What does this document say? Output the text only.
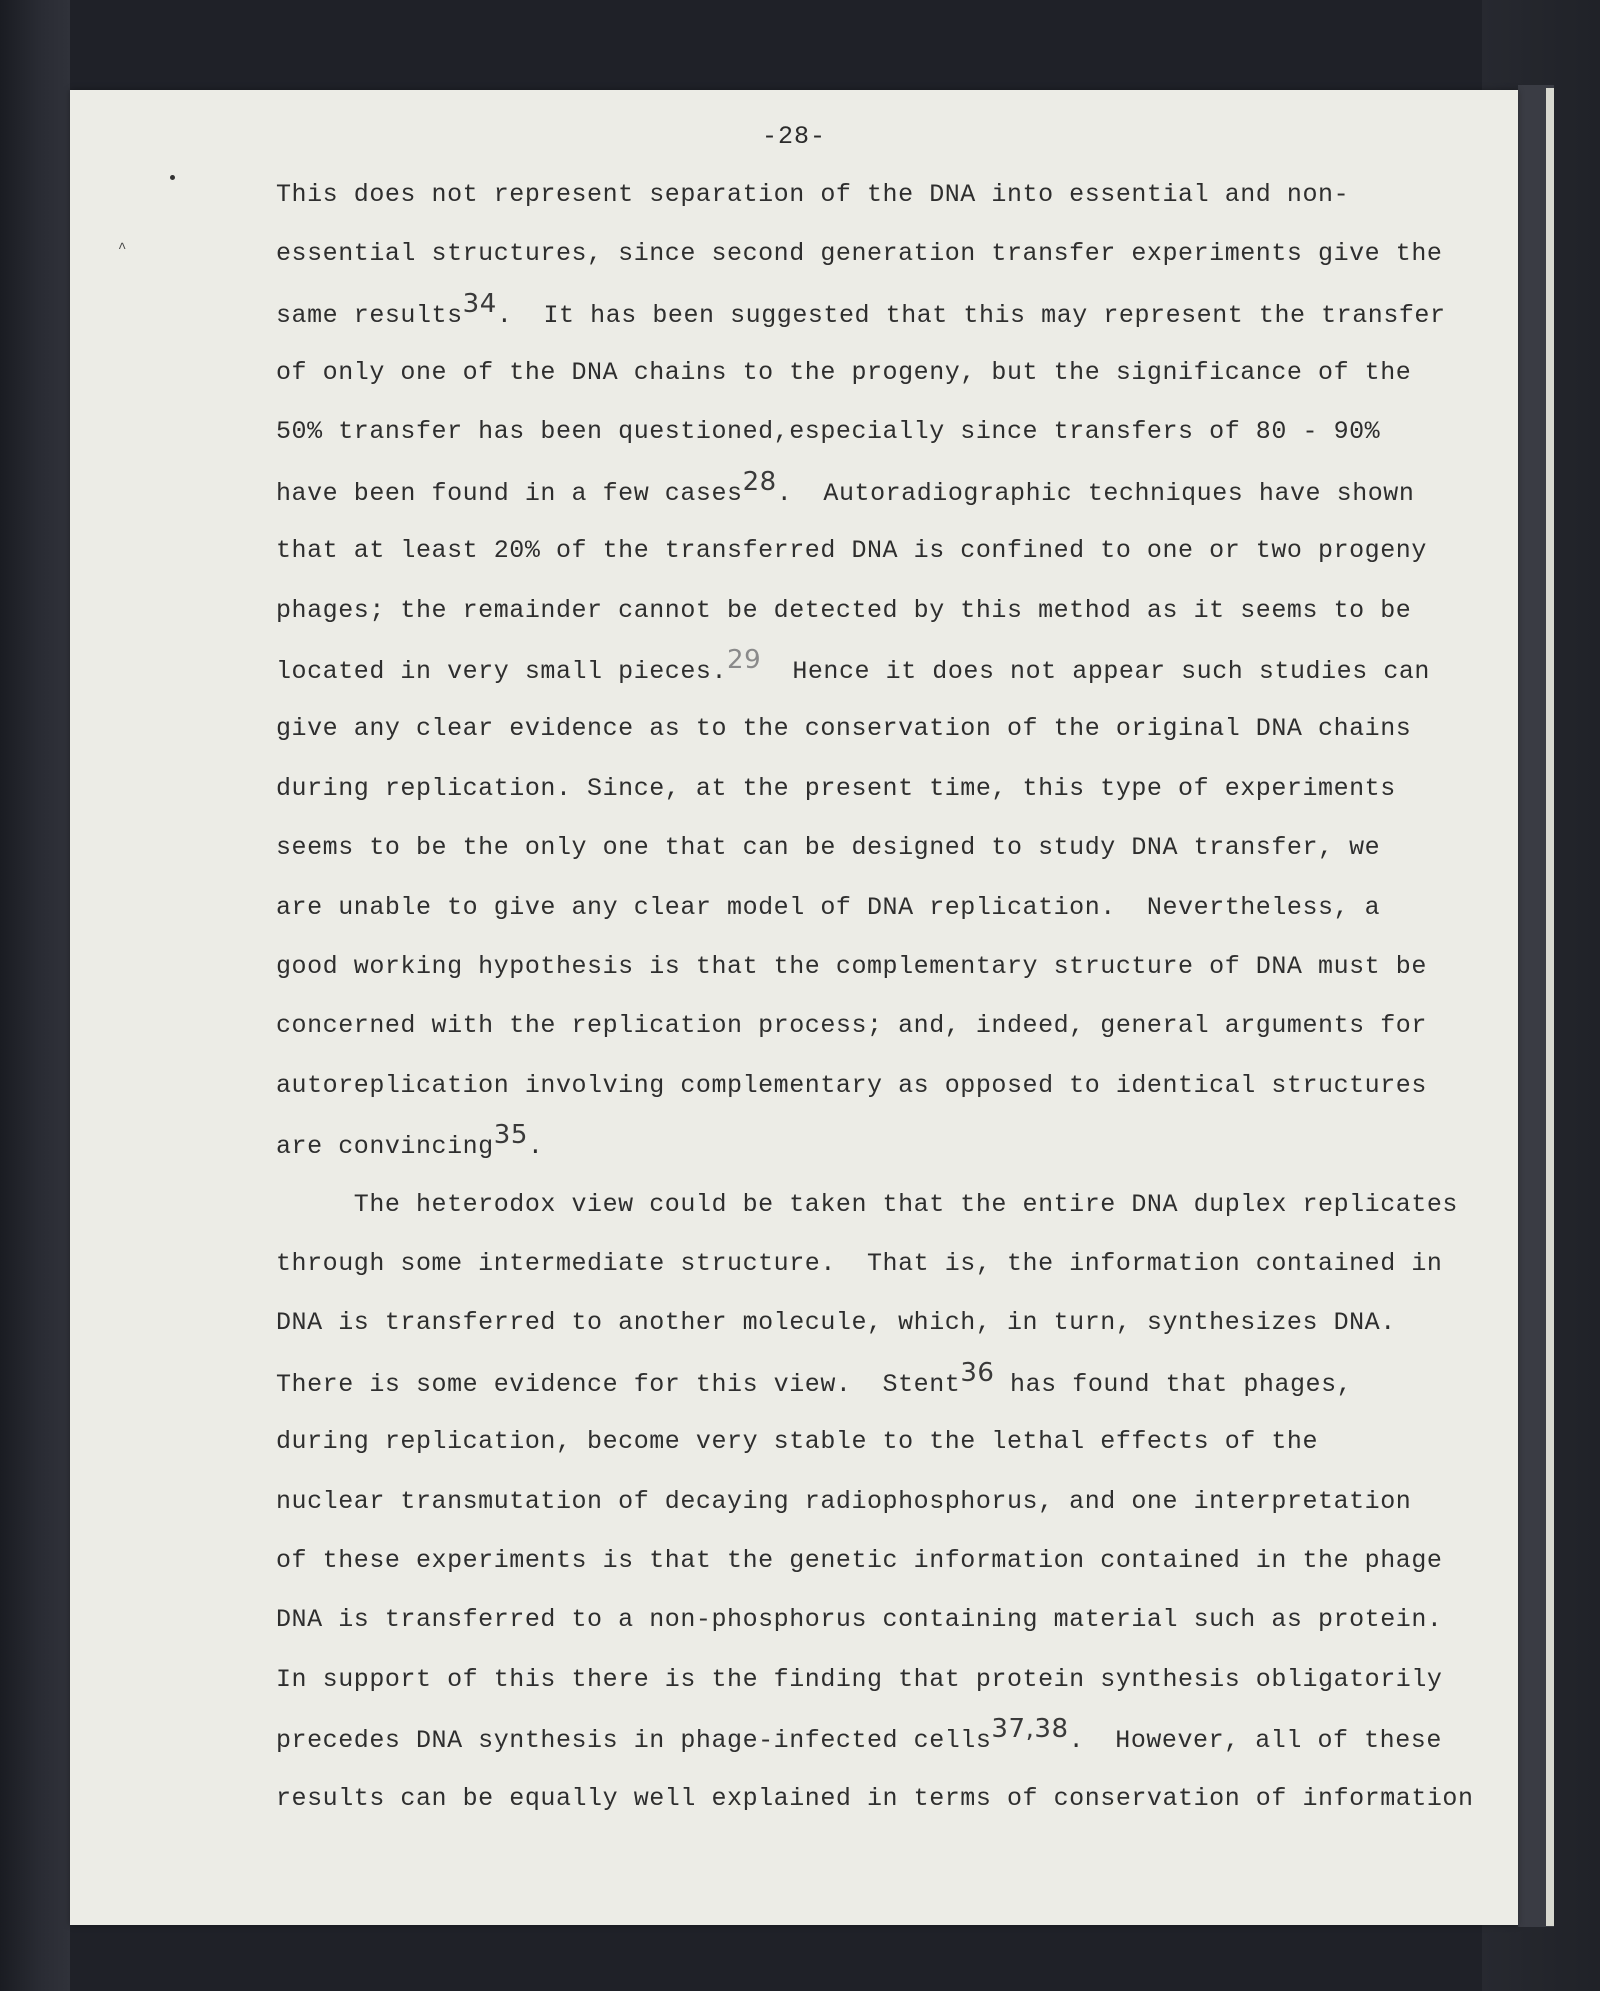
^
-28-
This does not represent separation of the DNA into essential and non-
essential structures, since second generation transfer experiments give the
same results34.  It has been suggested that this may represent the transfer
of only one of the DNA chains to the progeny, but the significance of the
50% transfer has been questioned,especially since transfers of 80 - 90%
have been found in a few cases28.  Autoradiographic techniques have shown
that at least 20% of the transferred DNA is confined to one or two progeny
phages; the remainder cannot be detected by this method as it seems to be
located in very small pieces.29  Hence it does not appear such studies can
give any clear evidence as to the conservation of the original DNA chains
during replication. Since, at the present time, this type of experiments
seems to be the only one that can be designed to study DNA transfer, we
are unable to give any clear model of DNA replication.  Nevertheless, a
good working hypothesis is that the complementary structure of DNA must be
concerned with the replication process; and, indeed, general arguments for
autoreplication involving complementary as opposed to identical structures
are convincing35.
The heterodox view could be taken that the entire DNA duplex replicates
through some intermediate structure.  That is, the information contained in
DNA is transferred to another molecule, which, in turn, synthesizes DNA.
There is some evidence for this view.  Stent36 has found that phages,
during replication, become very stable to the lethal effects of the
nuclear transmutation of decaying radiophosphorus, and one interpretation
of these experiments is that the genetic information contained in the phage
DNA is transferred to a non-phosphorus containing material such as protein.
In support of this there is the finding that protein synthesis obligatorily
precedes DNA synthesis in phage-infected cells37,38.  However, all of these
results can be equally well explained in terms of conservation of information
